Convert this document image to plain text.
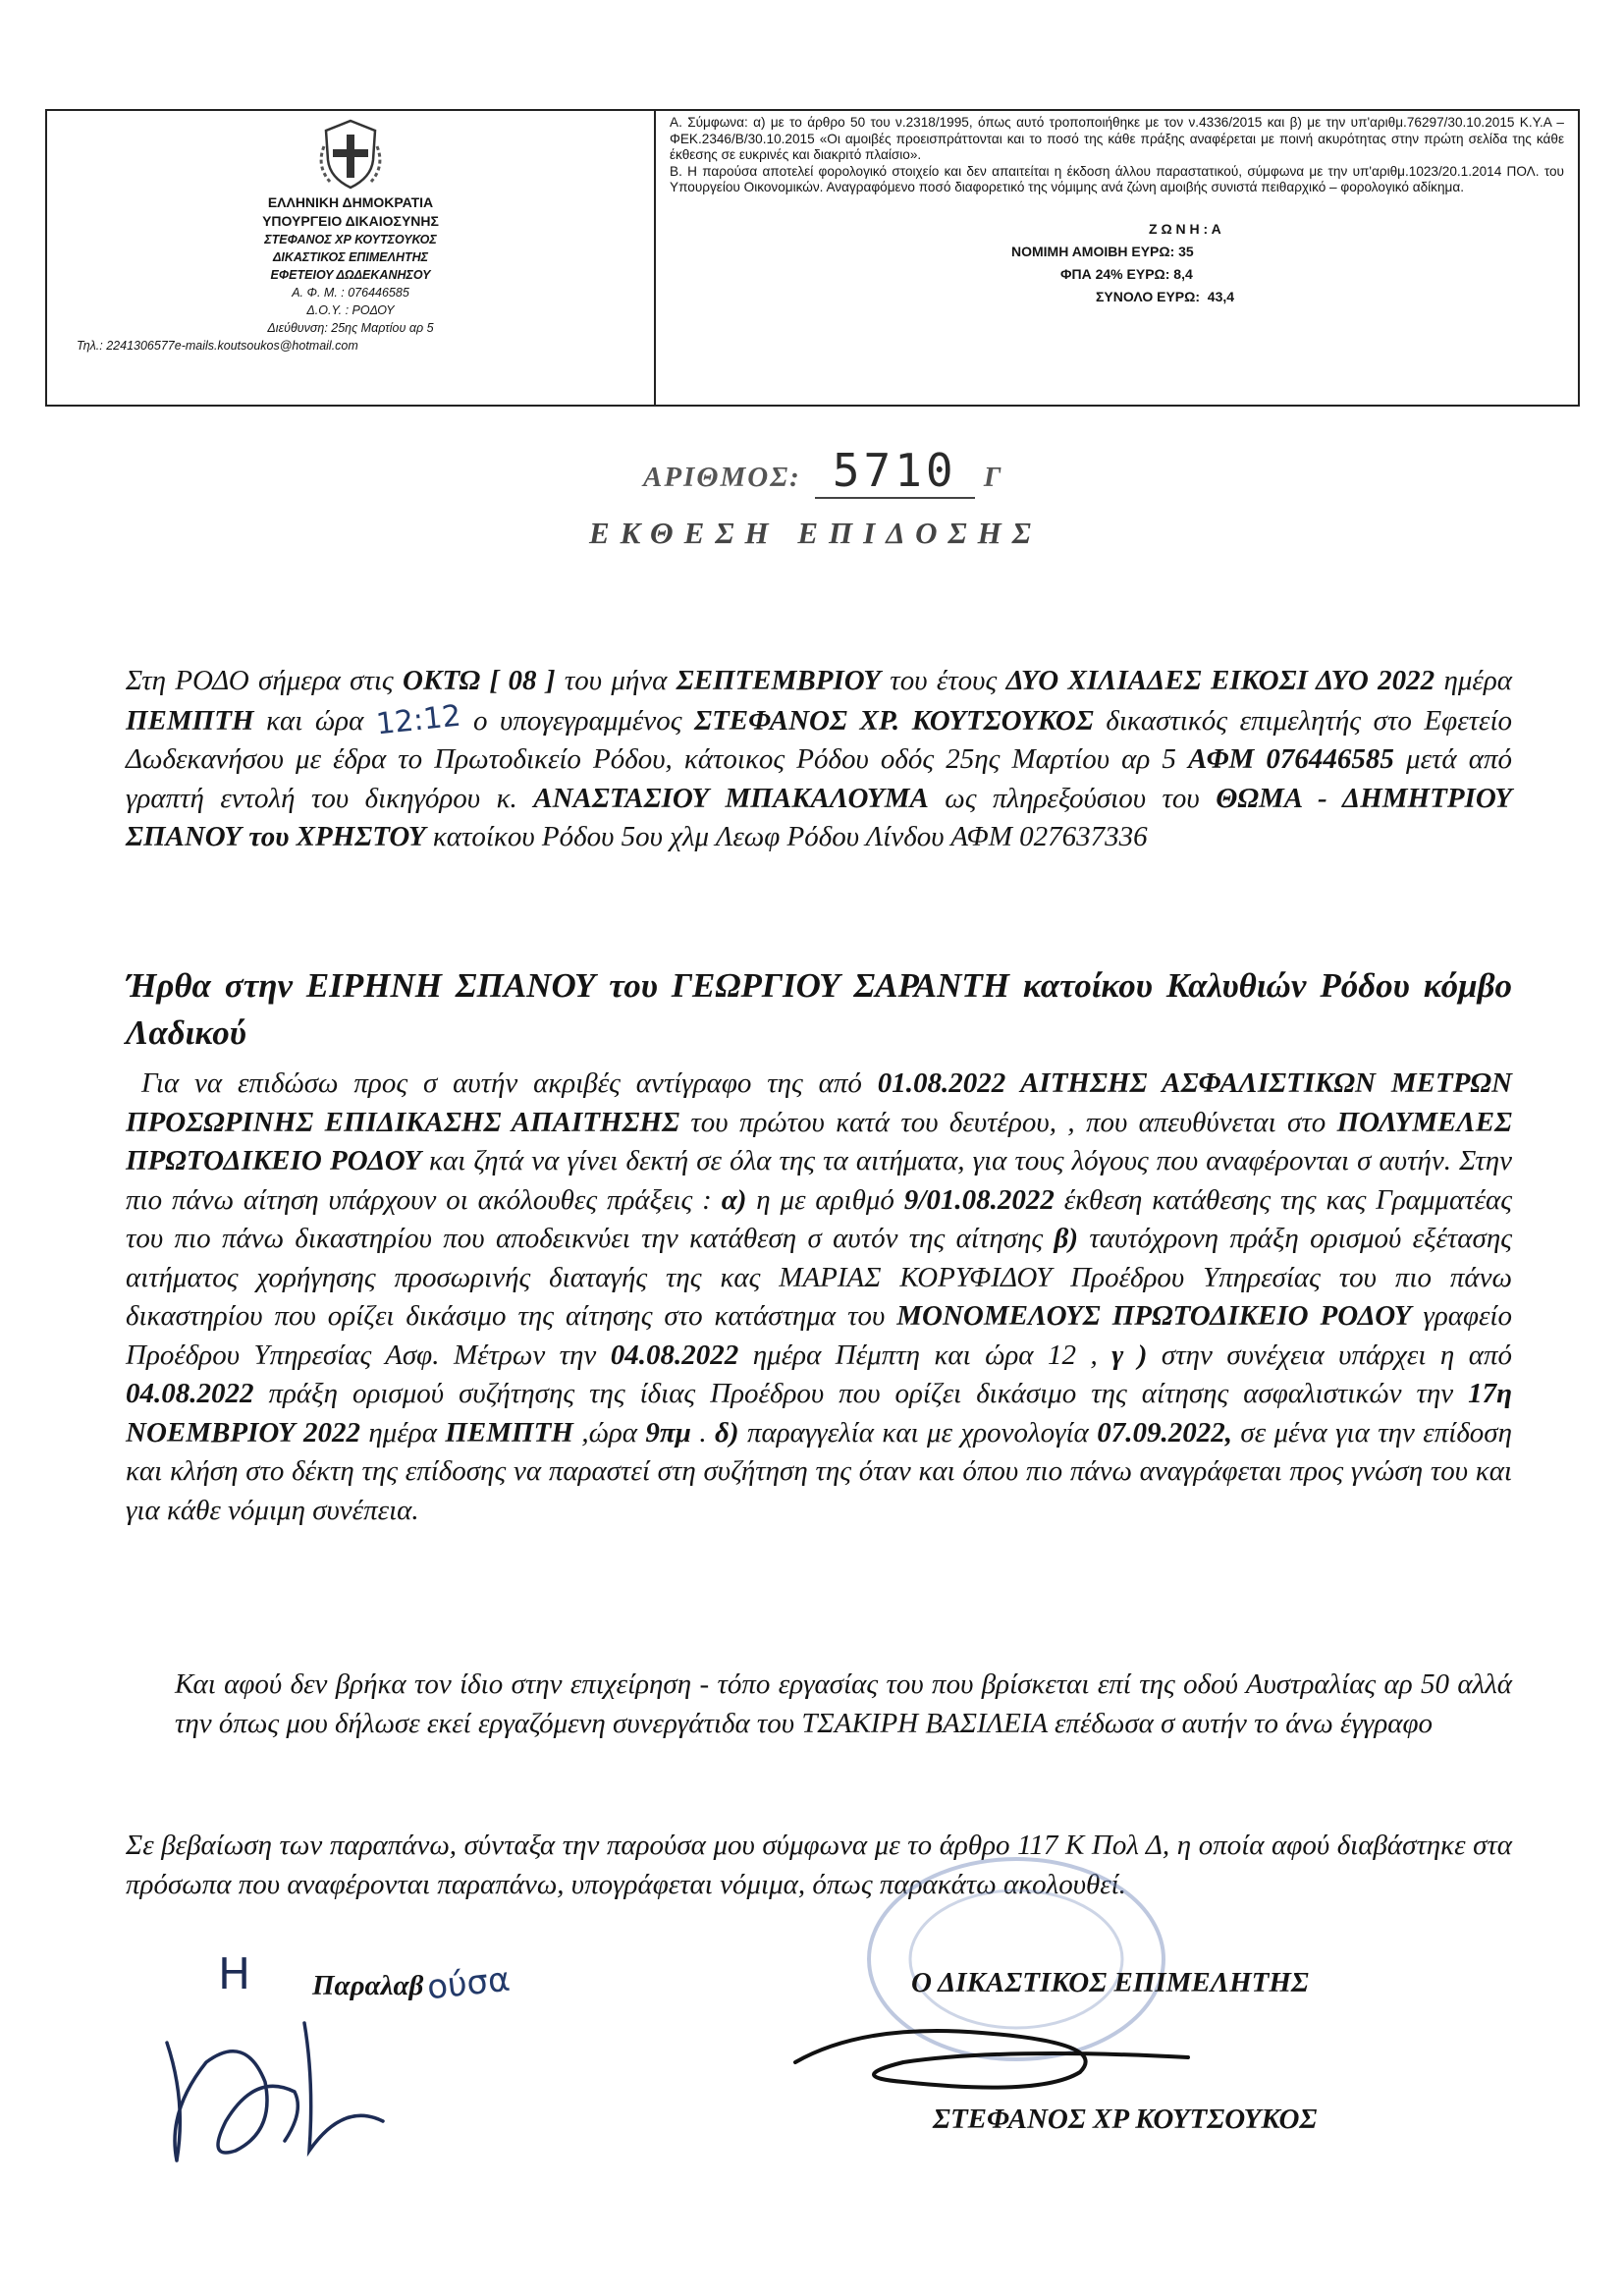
ΕΛΛΗΝΙΚΗ ΔΗΜΟΚΡΑΤΙΑ
ΥΠΟΥΡΓΕΙΟ ΔΙΚΑΙΟΣΥΝΗΣ
ΣΤΕΦΑΝΟΣ ΧΡ ΚΟΥΤΣΟΥΚΟΣ
ΔΙΚΑΣΤΙΚΟΣ ΕΠΙΜΕΛΗΤΗΣ
ΕΦΕΤΕΙΟΥ ΔΩΔΕΚΑΝΗΣΟΥ
Α. Φ. Μ. : 076446585
Δ.Ο.Υ. : ΡΟΔΟΥ
Διεύθυνση: 25ης Μαρτίου αρ 5
Τηλ.: 2241306577e-mails.koutsoukos@hotmail.com

Α. Σύμφωνα: α) με το άρθρο 50 του ν.2318/1995, όπως αυτό τροποποιήθηκε με τον ν.4336/2015 και β) με την υπ'αριθμ.76297/30.10.2015 Κ.Υ.Α – ΦΕΚ.2346/Β/30.10.2015 «Οι αμοιβές προεισπράττονται και το ποσό της κάθε πράξης αναφέρεται με ποινή ακυρότητας στην πρώτη σελίδα της κάθε έκθεσης σε ευκρινές και διακριτό πλαίσιο».

Β. Η παρούσα αποτελεί φορολογικό στοιχείο και δεν απαιτείται η έκδοση άλλου παραστατικού, σύμφωνα με την υπ'αριθμ.1023/20.1.2014 ΠΟΛ. του Υπουργείου Οικονομικών. Αναγραφόμενο ποσό διαφορετικό της νόμιμης ανά ζώνη αμοιβής συνιστά πειθαρχικό – φορολογικό αδίκημα.

Ζ Ω Ν Η : Α
ΝΟΜΙΜΗ ΑΜΟΙΒΗ ΕΥΡΩ: 35
ΦΠΑ 24% ΕΥΡΩ: 8,4
ΣΥΝΟΛΟ ΕΥΡΩ:  43,4
ΑΡΙΘΜΟΣ: 5710 Γ
ΕΚΘΕΣΗ ΕΠΙΔΟΣΗΣ
Στη ΡΟΔΟ σήμερα στις ΟΚΤΩ [ 08 ] του μήνα ΣΕΠΤΕΜΒΡΙΟΥ του έτους ΔΥΟ ΧΙΛΙΑΔΕΣ ΕΙΚΟΣΙ ΔΥΟ 2022 ημέρα ΠΕΜΠΤΗ και ώρα 12:12 ο υπογεγραμμένος ΣΤΕΦΑΝΟΣ ΧΡ. ΚΟΥΤΣΟΥΚΟΣ δικαστικός επιμελητής στο Εφετείο Δωδεκανήσου με έδρα το Πρωτοδικείο Ρόδου, κάτοικος Ρόδου οδός 25ης Μαρτίου αρ 5 ΑΦΜ 076446585 μετά από γραπτή εντολή του δικηγόρου κ. ΑΝΑΣΤΑΣΙΟΥ ΜΠΑΚΑΛΟΥΜΑ ως πληρεξούσιου του ΘΩΜΑ - ΔΗΜΗΤΡΙΟΥ ΣΠΑΝΟΥ του ΧΡΗΣΤΟΥ κατοίκου Ρόδου 5ου χλμ Λεωφ Ρόδου Λίνδου ΑΦΜ 027637336
Ήρθα στην ΕΙΡΗΝΗ ΣΠΑΝΟΥ του ΓΕΩΡΓΙΟΥ ΣΑΡΑΝΤΗ κατοίκου Καλυθιών Ρόδου κόμβο Λαδικού
Για να επιδώσω προς σ αυτήν ακριβές αντίγραφο της από 01.08.2022 ΑΙΤΗΣΗΣ ΑΣΦΑΛΙΣΤΙΚΩΝ ΜΕΤΡΩΝ ΠΡΟΣΩΡΙΝΗΣ ΕΠΙΔΙΚΑΣΗΣ ΑΠΑΙΤΗΣΗΣ του πρώτου κατά του δευτέρου, , που απευθύνεται στο ΠΟΛΥΜΕΛΕΣ ΠΡΩΤΟΔΙΚΕΙΟ ΡΟΔΟΥ και ζητά να γίνει δεκτή σε όλα της τα αιτήματα, για τους λόγους που αναφέρονται σ αυτήν. Στην πιο πάνω αίτηση υπάρχουν οι ακόλουθες πράξεις : α) η με αριθμό 9/01.08.2022 έκθεση κατάθεσης της κας Γραμματέας του πιο πάνω δικαστηρίου που αποδεικνύει την κατάθεση σ αυτόν της αίτησης β) ταυτόχρονη πράξη ορισμού εξέτασης αιτήματος χορήγησης προσωρινής διαταγής της κας ΜΑΡΙΑΣ ΚΟΡΥΦΙΔΟΥ Προέδρου Υπηρεσίας του πιο πάνω δικαστηρίου που ορίζει δικάσιμο της αίτησης στο κατάστημα του ΜΟΝΟΜΕΛΟΥΣ ΠΡΩΤΟΔΙΚΕΙΟ ΡΟΔΟΥ γραφείο Προέδρου Υπηρεσίας Ασφ. Μέτρων την 04.08.2022 ημέρα Πέμπτη και ώρα 12 , γ ) στην συνέχεια υπάρχει η από 04.08.2022 πράξη ορισμού συζήτησης της ίδιας Προέδρου που ορίζει δικάσιμο της αίτησης ασφαλιστικών την 17η ΝΟΕΜΒΡΙΟΥ 2022 ημέρα ΠΕΜΠΤΗ ,ώρα 9πμ . δ) παραγγελία και με χρονολογία 07.09.2022, σε μένα για την επίδοση και κλήση στο δέκτη της επίδοσης να παραστεί στη συζήτηση της όταν και όπου πιο πάνω αναγράφεται προς γνώση του και για κάθε νόμιμη συνέπεια.
Και αφού δεν βρήκα τον ίδιο στην επιχείρηση - τόπο εργασίας του που βρίσκεται επί της οδού Αυστραλίας αρ 50 αλλά την όπως μου δήλωσε εκεί εργαζόμενη συνεργάτιδα του ΤΣΑΚΙΡΗ ΒΑΣΙΛΕΙΑ επέδωσα σ αυτήν το άνω έγγραφο
Σε βεβαίωση των παραπάνω, σύνταξα την παρούσα μου σύμφωνα με το άρθρο 117 Κ Πολ Δ, η οποία αφού διαβάστηκε στα πρόσωπα που αναφέρονται παραπάνω, υπογράφεται νόμιμα, όπως παρακάτω ακολουθεί.
Η Παραλαβούσα	Ο ΔΙΚΑΣΤΙΚΟΣ ΕΠΙΜΕΛΗΤΗΣ
ΣΤΕΦΑΝΟΣ ΧΡ ΚΟΥΤΣΟΥΚΟΣ
